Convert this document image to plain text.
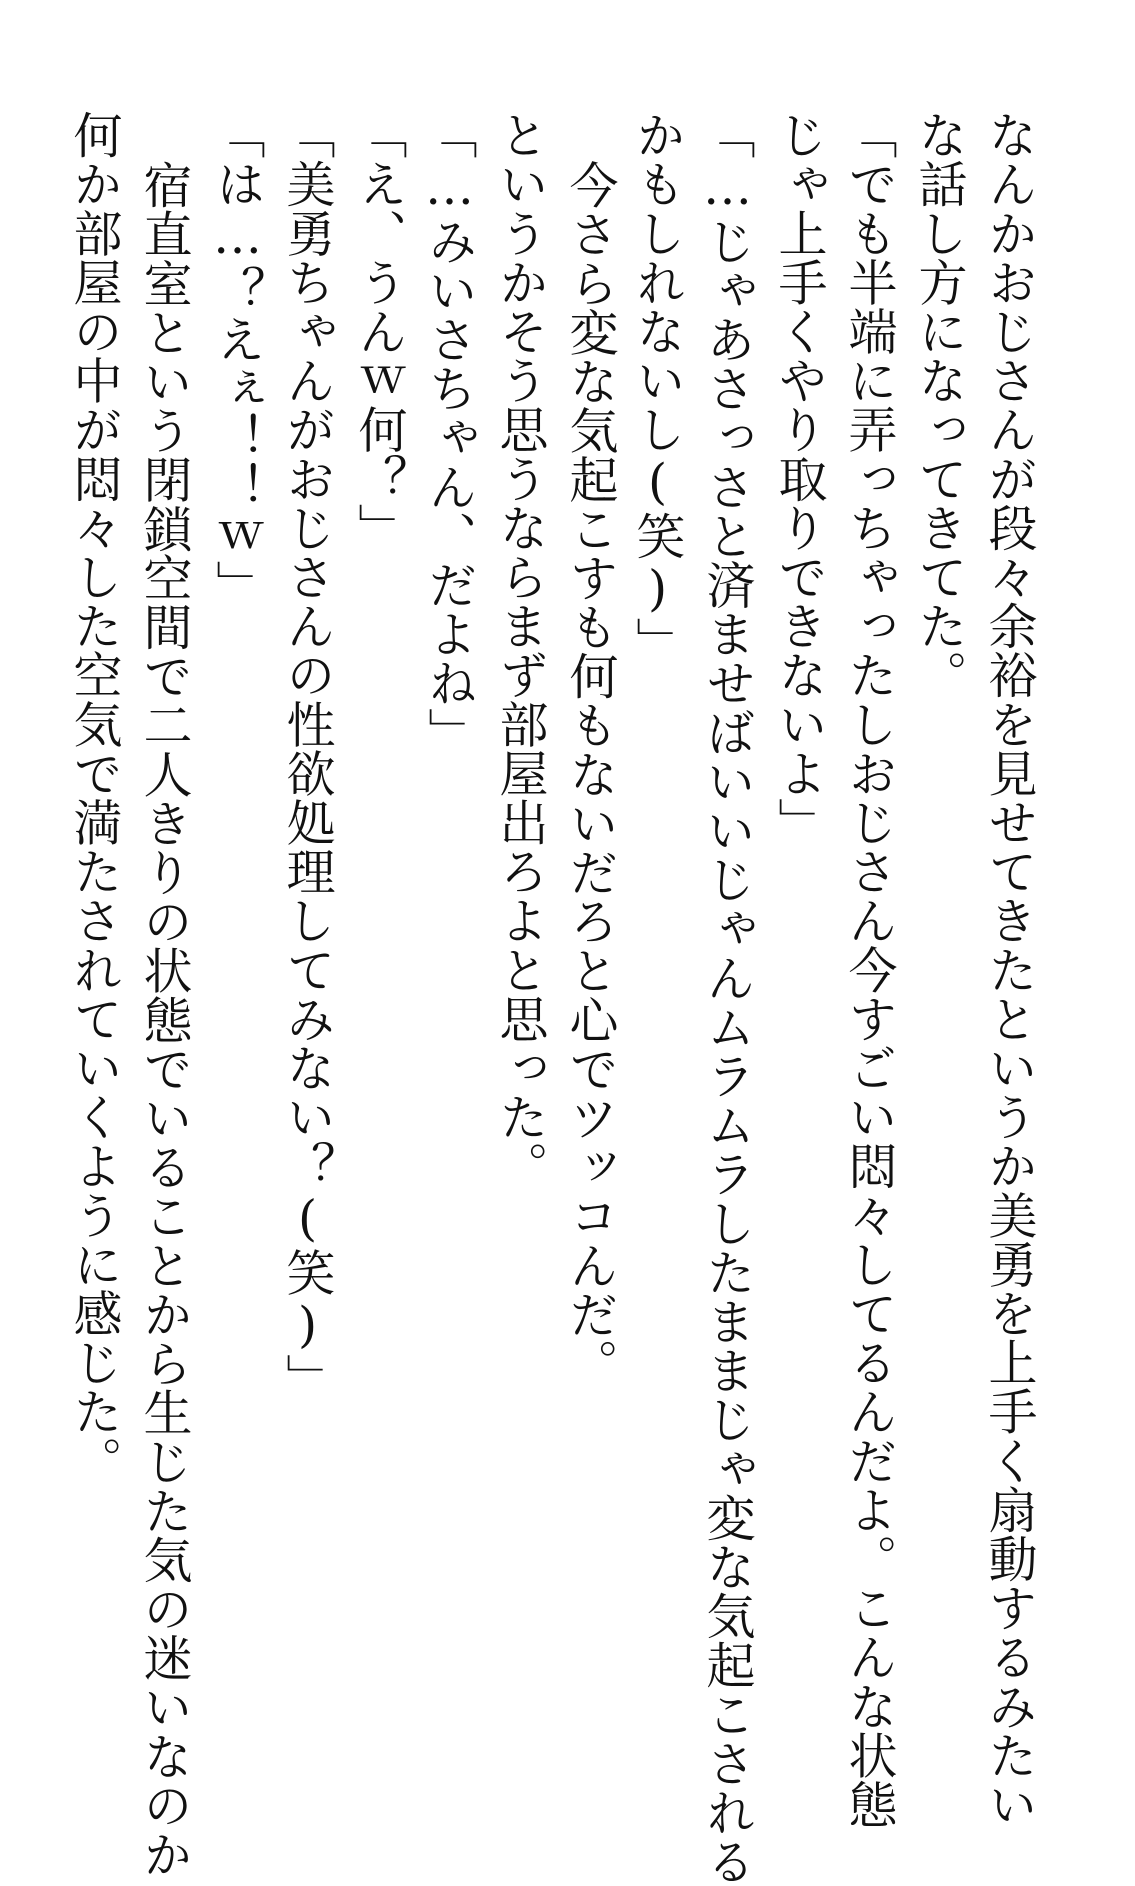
なんかおじさんが段々余裕を見せてきたというか美勇を上手く扇動するみたい
な話し方になってきてた。
「でも半端に弄っちゃったしおじさん今すごい悶々してるんだよ。こんな状態
じゃ上手くやり取りできないよ」
「…じゃあさっさと済ませばいいじゃんムラムラしたままじゃ変な気起こされる
かもしれないし(笑)」
今さら変な気起こすも何もないだろと心でツッコんだ。
というかそう思うならまず部屋出ろよと思った。
「…みいさちゃん、だよね」
「え、うんｗ何？」
「美勇ちゃんがおじさんの性欲処理してみない？(笑)」
「は…？えぇ！！ｗ」
宿直室という閉鎖空間で二人きりの状態でいることから生じた気の迷いなのか
何か部屋の中が悶々した空気で満たされていくように感じた。
